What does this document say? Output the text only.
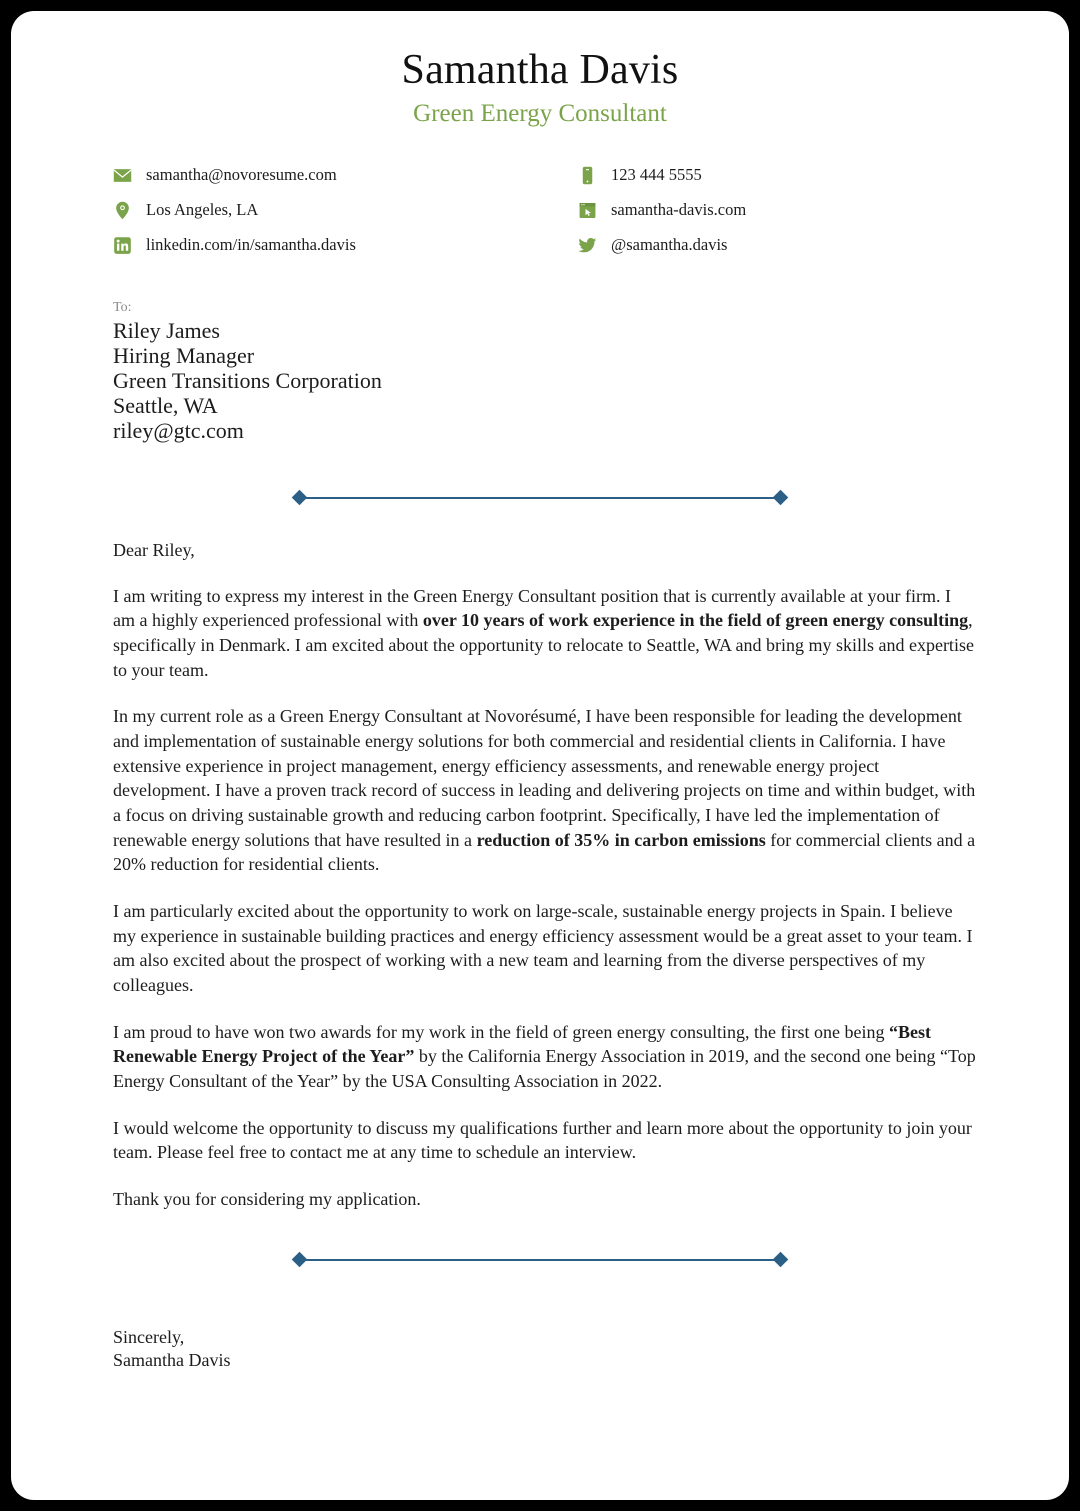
Samantha Davis
Green Energy Consultant
samantha@novoresume.com	123 444 5555
Los Angeles, LA	samantha-davis.com
linkedin.com/in/samantha.davis	@samantha.davis
To:
Riley James
Hiring Manager
Green Transitions Corporation
Seattle, WA
riley@gtc.com
Dear Riley,

I am writing to express my interest in the Green Energy Consultant position that is currently available at your firm. I am a highly experienced professional with over 10 years of work experience in the field of green energy consulting, specifically in Denmark. I am excited about the opportunity to relocate to Seattle, WA and bring my skills and expertise to your team.

In my current role as a Green Energy Consultant at Novorésumé, I have been responsible for leading the development and implementation of sustainable energy solutions for both commercial and residential clients in California. I have extensive experience in project management, energy efficiency assessments, and renewable energy project development. I have a proven track record of success in leading and delivering projects on time and within budget, with a focus on driving sustainable growth and reducing carbon footprint. Specifically, I have led the implementation of renewable energy solutions that have resulted in a reduction of 35% in carbon emissions for commercial clients and a 20% reduction for residential clients.

I am particularly excited about the opportunity to work on large-scale, sustainable energy projects in Spain. I believe my experience in sustainable building practices and energy efficiency assessment would be a great asset to your team. I am also excited about the prospect of working with a new team and learning from the diverse perspectives of my colleagues.

I am proud to have won two awards for my work in the field of green energy consulting, the first one being “Best Renewable Energy Project of the Year” by the California Energy Association in 2019, and the second one being “Top Energy Consultant of the Year” by the USA Consulting Association in 2022.

I would welcome the opportunity to discuss my qualifications further and learn more about the opportunity to join your team. Please feel free to contact me at any time to schedule an interview.

Thank you for considering my application.

Sincerely,
Samantha Davis
